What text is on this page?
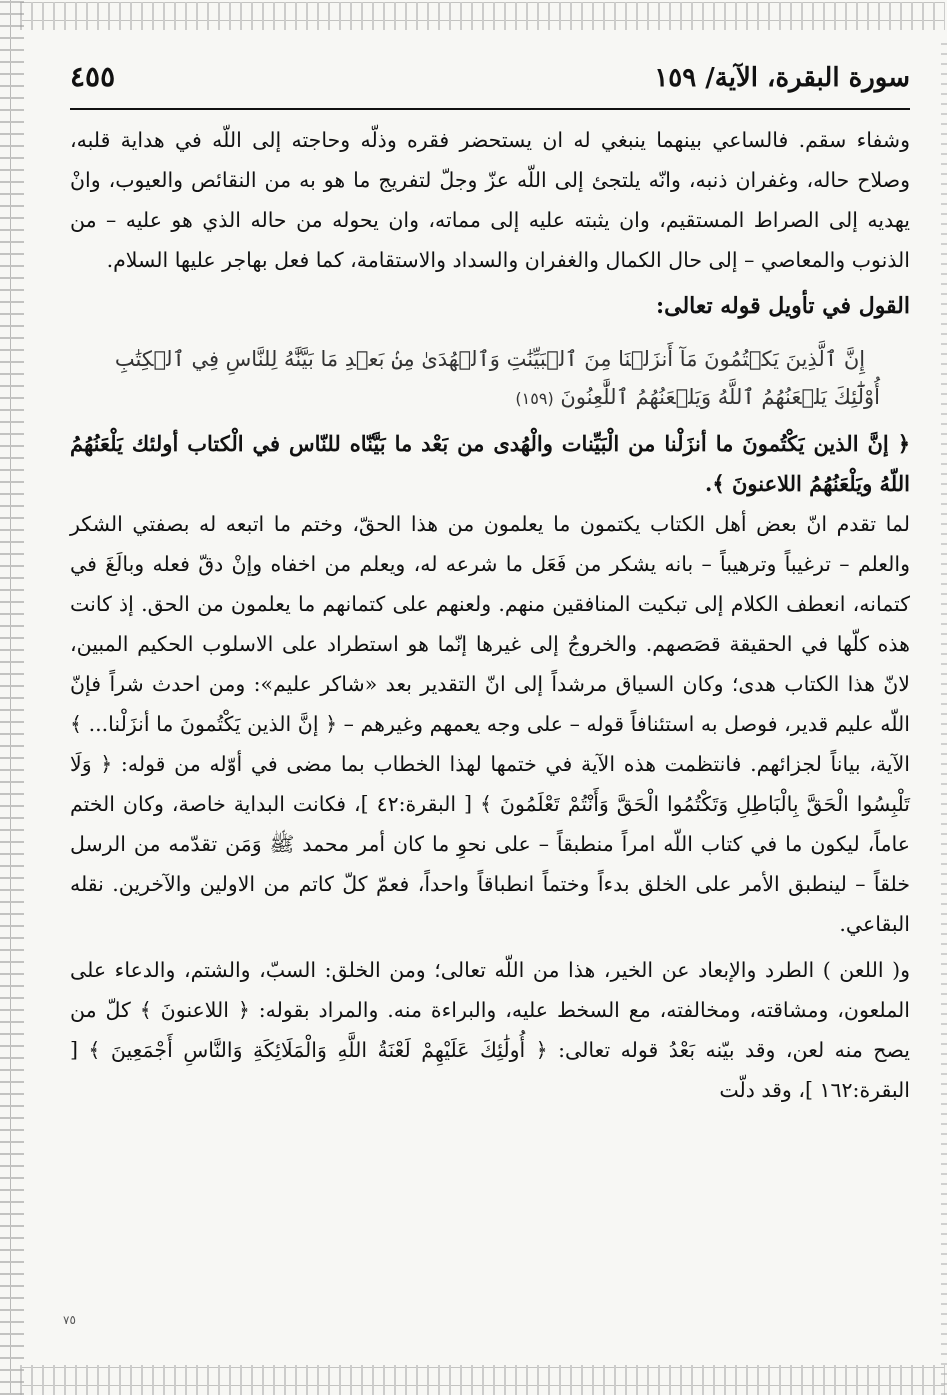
سورة البقرة، الآية/ ١٥٩
٤٥٥

وشفاء سقم. فالساعي بينهما ينبغي له ان يستحضر فقره وذلّه وحاجته إلى اللّه في هداية قلبه، وصلاح حاله، وغفران ذنبه، وانّه يلتجئ إلى اللّه عزّ وجلّ لتفريج ما هو به من النقائص والعيوب، وانْ يهديه إلى الصراط المستقيم، وان يثبته عليه إلى مماته، وان يحوله من حاله الذي هو عليه – من الذنوب والمعاصي – إلى حال الكمال والغفران والسداد والاستقامة، كما فعل بهاجر عليها السلام.

القول في تأويل قوله تعالى:

إِنَّ ٱلَّذِينَ يَكۡتُمُونَ مَآ أَنزَلۡنَا مِنَ ٱلۡبَيِّنَٰتِ وَٱلۡهُدَىٰ مِنۢ بَعۡدِ مَا بَيَّنَّٰهُ لِلنَّاسِ فِي ٱلۡكِتَٰبِ أُوْلَٰٓئِكَ يَلۡعَنُهُمُ ٱللَّهُ وَيَلۡعَنُهُمُ ٱللَّٰعِنُونَ (١٥٩)

﴿ إنَّ الذين يَكْتُمونَ ما أنزَلْنا من الْبَيِّنات والْهُدى من بَعْد ما بَيَّنّاه للنّاس في الْكتاب أولئك يَلْعَنُهُمُ اللّهُ ويَلْعَنُهُمُ اللاعنونَ ﴾.

لما تقدم انّ بعض أهل الكتاب يكتمون ما يعلمون من هذا الحقّ، وختم ما اتبعه له بصفتي الشكر والعلم – ترغيباً وترهيباً – بانه يشكر من فَعَل ما شرعه له، ويعلم من اخفاه وإنْ دقّ فعله وبالَغَ في كتمانه، انعطف الكلام إلى تبكيت المنافقين منهم. ولعنهم على كتمانهم ما يعلمون من الحق. إذ كانت هذه كلّها في الحقيقة قصَصهم. والخروجُ إلى غيرها إنّما هو استطراد على الاسلوب الحكيم المبين، لانّ هذا الكتاب هدى؛ وكان السياق مرشداً إلى انّ التقدير بعد «شاكر عليم»: ومن احدث شراً فإنّ اللّه عليم قدير، فوصل به استئنافاً قوله – على وجه يعمهم وغيرهم – ﴿ إنَّ الذين يَكْتُمونَ ما أنزَلْنا... ﴾ الآية، بياناً لجزائهم. فانتظمت هذه الآية في ختمها لهذا الخطاب بما مضى في أوّله من قوله: ﴿ وَلَا تَلْبِسُوا الْحَقَّ بِالْبَاطِلِ وَتَكْتُمُوا الْحَقَّ وَأَنْتُمْ تَعْلَمُونَ ﴾ [ البقرة:٤٢ ]، فكانت البداية خاصة، وكان الختم عاماً، ليكون ما في كتاب اللّه امراً منطبقاً – على نحوِ ما كان أمر محمد ﷺ وَمَن تقدّمه من الرسل خلقاً – لينطبق الأمر على الخلق بدءاً وختماً انطباقاً واحداً، فعمّ كلّ كاتم من الاولين والآخرين. نقله البقاعي.

و( اللعن ) الطرد والإبعاد عن الخير، هذا من اللّه تعالى؛ ومن الخلق: السبّ، والشتم، والدعاء على الملعون، ومشاقته، ومخالفته، مع السخط عليه، والبراءة منه. والمراد بقوله: ﴿ اللاعنونَ ﴾ كلّ من يصح منه لعن، وقد بيّنه بَعْدُ قوله تعالى: ﴿ أُولَٰئِكَ عَلَيْهِمْ لَعْنَةُ اللَّهِ وَالْمَلَائِكَةِ وَالنَّاسِ أَجْمَعِينَ ﴾ [ البقرة:١٦٢ ]، وقد دلّت

٧٥
